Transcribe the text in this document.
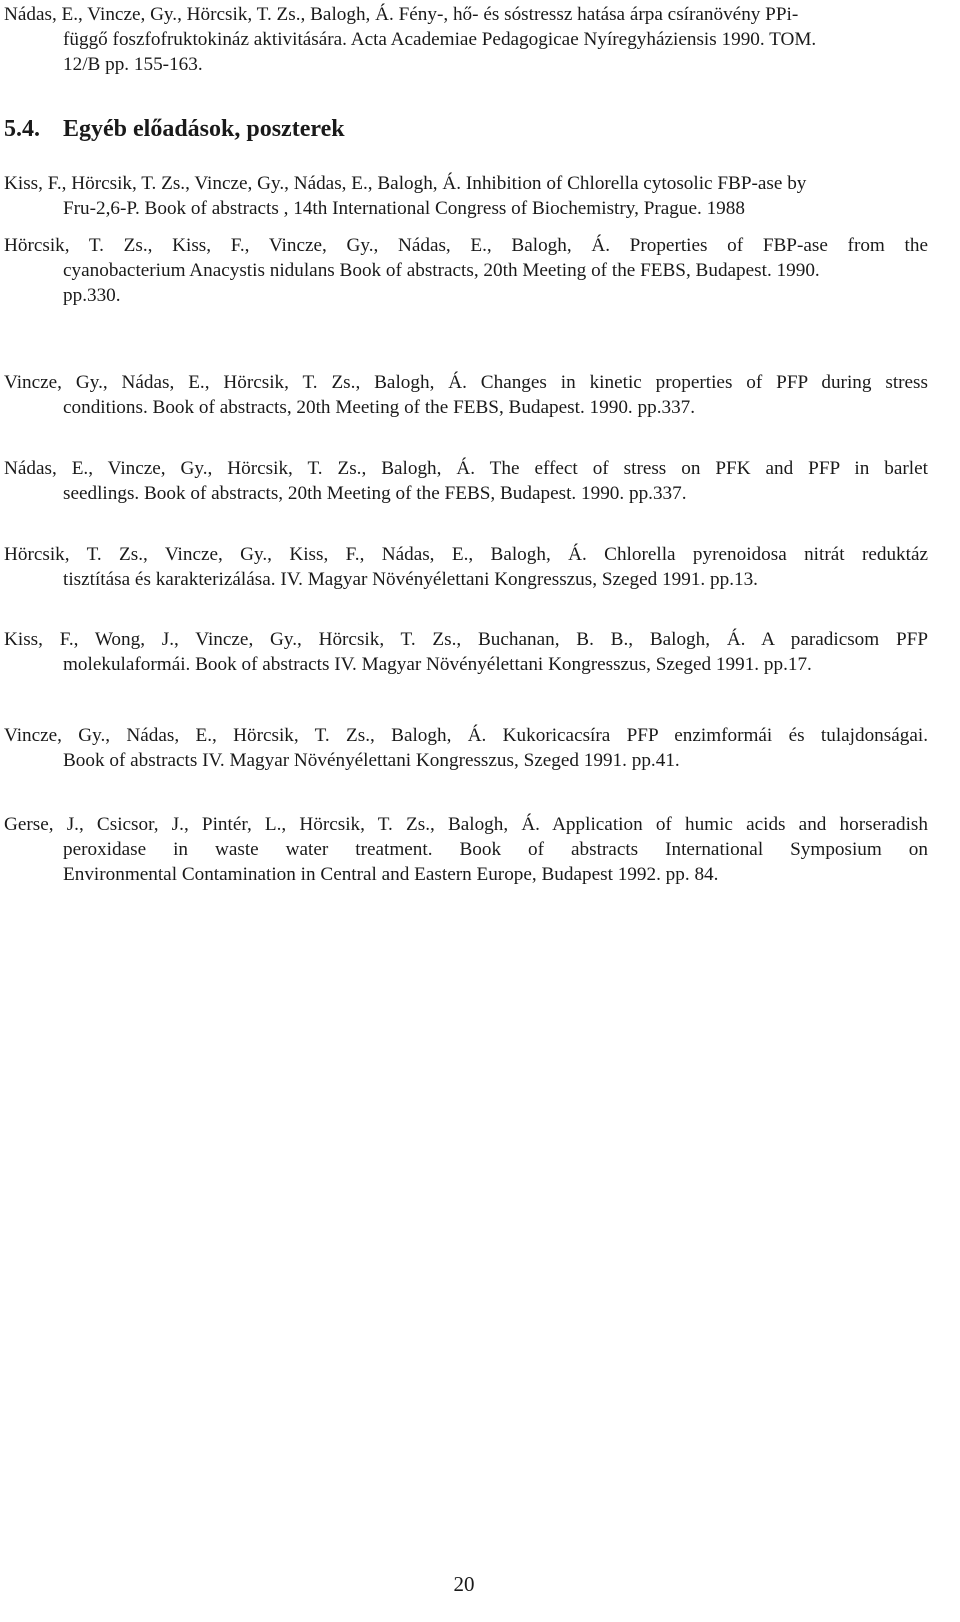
Nádas, E., Vincze, Gy., Hörcsik, T. Zs., Balogh, Á. Fény-, hő- és sóstressz hatása árpa csíranövény PPi-
függő foszfofruktokináz aktivitására. Acta Academiae Pedagogicae Nyíregyháziensis 1990. TOM.
12/B pp. 155-163.
5.4. Egyéb előadások, poszterek
Kiss, F., Hörcsik, T. Zs., Vincze, Gy., Nádas, E., Balogh, Á. Inhibition of Chlorella cytosolic FBP-ase by
Fru-2,6-P. Book of abstracts , 14th International Congress of Biochemistry, Prague. 1988
Hörcsik, T. Zs., Kiss, F., Vincze, Gy., Nádas, E., Balogh, Á. Properties of FBP-ase from the
cyanobacterium Anacystis nidulans Book of abstracts, 20th Meeting of the FEBS, Budapest. 1990.
pp.330.
Vincze, Gy., Nádas, E., Hörcsik, T. Zs., Balogh, Á. Changes in kinetic properties of PFP during stress
conditions. Book of abstracts, 20th Meeting of the FEBS, Budapest. 1990. pp.337.
Nádas, E., Vincze, Gy., Hörcsik, T. Zs., Balogh, Á. The effect of stress on PFK and PFP in barlet
seedlings. Book of abstracts, 20th Meeting of the FEBS, Budapest. 1990. pp.337.
Hörcsik, T. Zs., Vincze, Gy., Kiss, F., Nádas, E., Balogh, Á. Chlorella pyrenoidosa nitrát reduktáz
tisztítása és karakterizálása. IV. Magyar Növényélettani Kongresszus, Szeged 1991. pp.13.
Kiss, F., Wong, J., Vincze, Gy., Hörcsik, T. Zs., Buchanan, B. B., Balogh, Á. A paradicsom PFP
molekulaformái. Book of abstracts IV. Magyar Növényélettani Kongresszus, Szeged 1991. pp.17.
Vincze, Gy., Nádas, E., Hörcsik, T. Zs., Balogh, Á. Kukoricacsíra PFP enzimformái és tulajdonságai.
Book of abstracts IV. Magyar Növényélettani Kongresszus, Szeged 1991. pp.41.
Gerse, J., Csicsor, J., Pintér, L., Hörcsik, T. Zs., Balogh, Á. Application of humic acids and horseradish
peroxidase in waste water treatment. Book of abstracts International Symposium on
Environmental Contamination in Central and Eastern Europe, Budapest 1992. pp. 84.
20
